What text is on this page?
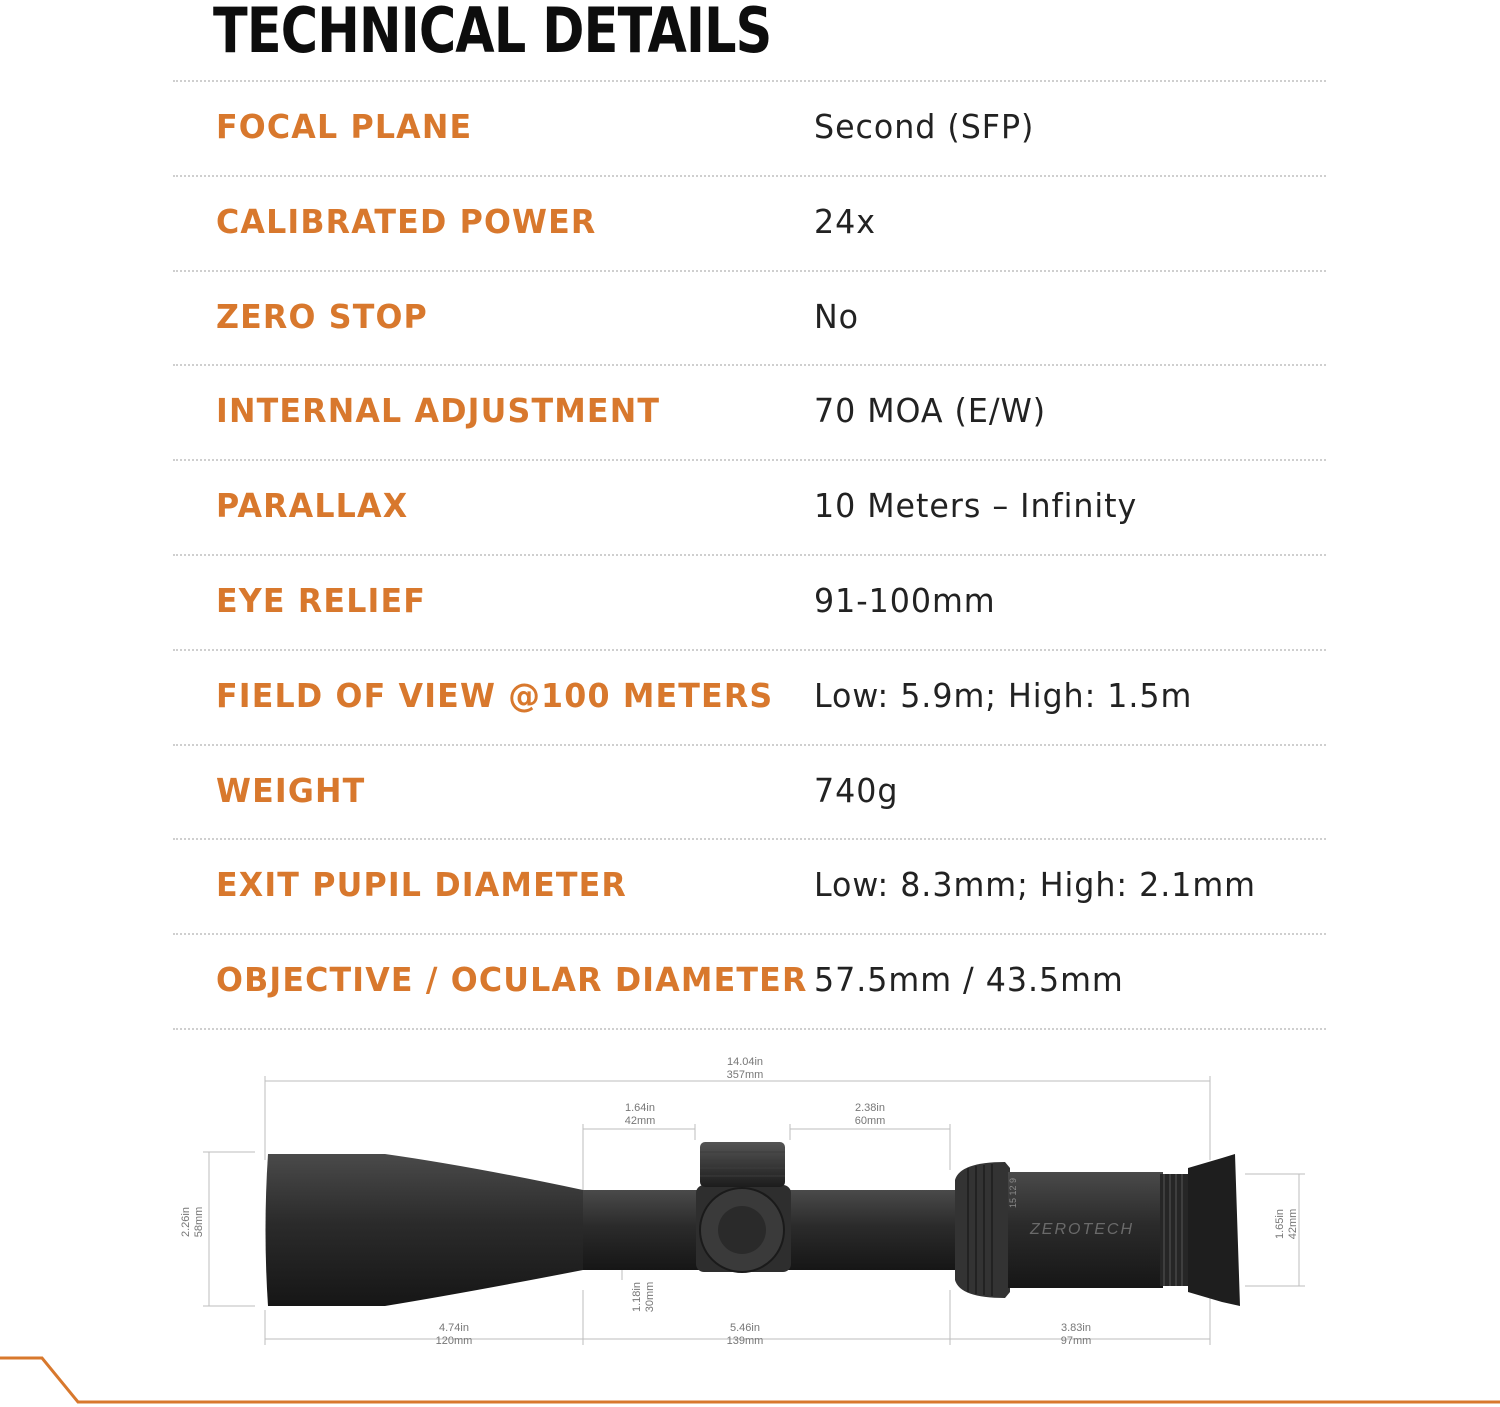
TECHNICAL DETAILS
FOCAL PLANE	Second (SFP)
CALIBRATED POWER	24x
ZERO STOP	No
INTERNAL ADJUSTMENT	70 MOA (E/W)
PARALLAX	10 Meters – Infinity
EYE RELIEF	91-100mm
FIELD OF VIEW @100 METERS Low: 5.9m; High: 1.5m
WEIGHT	740g
EXIT PUPIL DIAMETER	Low: 8.3mm; High: 2.1mm
OBJECTIVE / OCULAR DIAMETER 57.5mm / 43.5mm
ZEROTECH
15 12 9
14.04in
357mm
1.64in
42mm
2.38in
60mm
4.74in
120mm
5.46in
139mm
3.83in
97mm
2.26in 58mm
1.18in 30mm
1.65in 42mm
